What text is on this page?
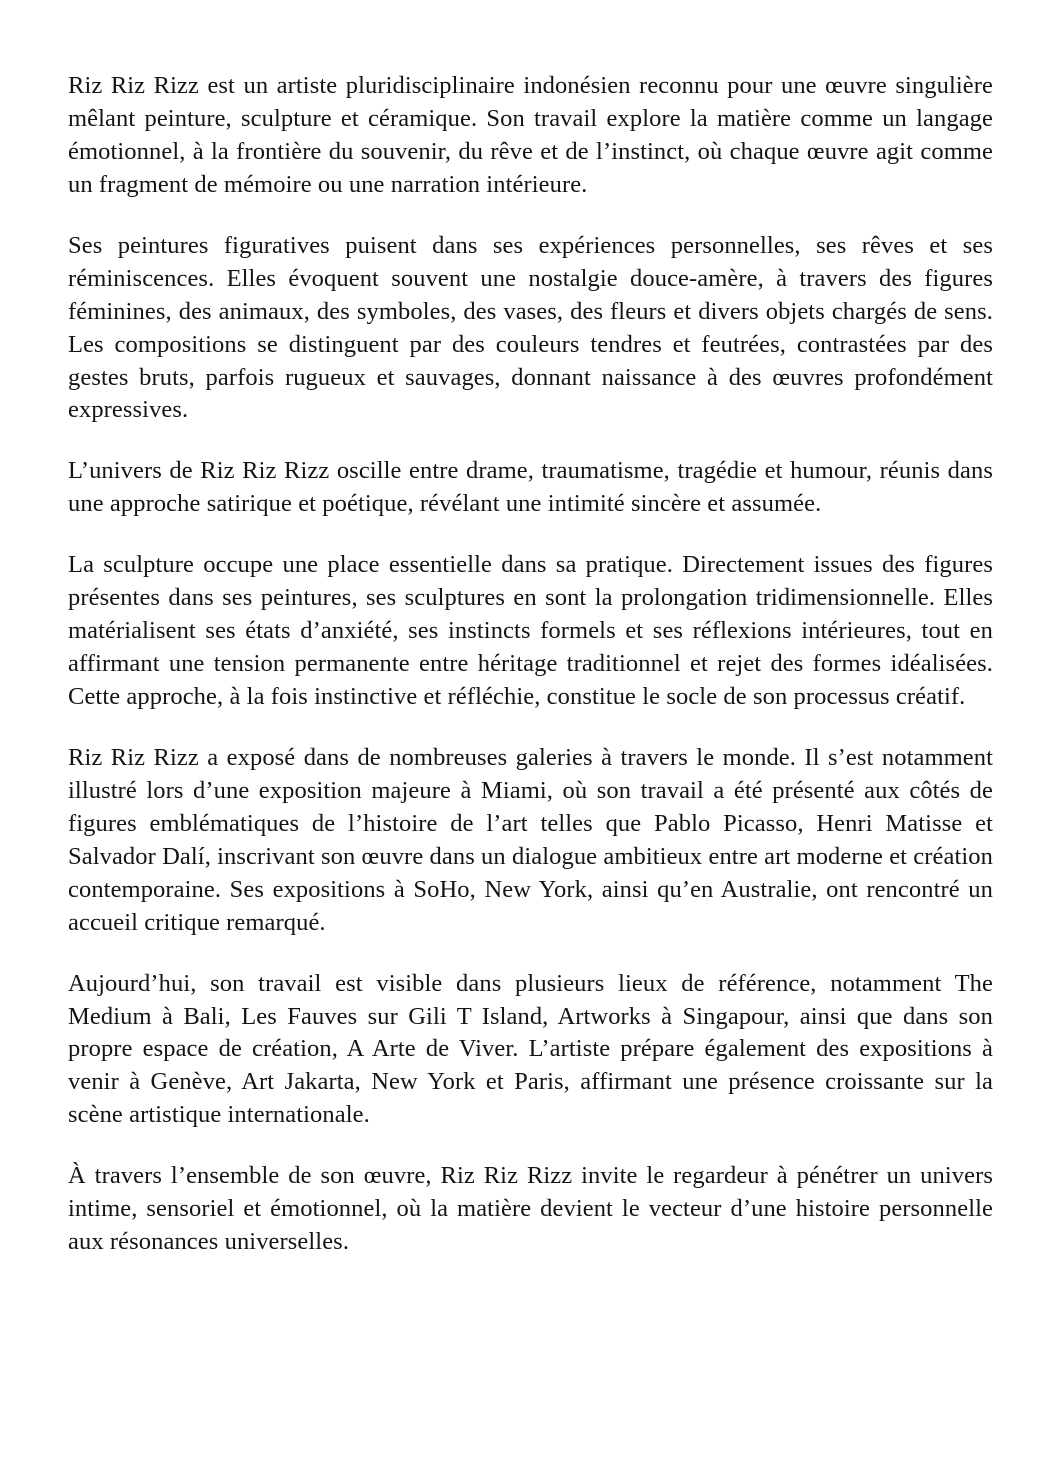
Riz Riz Rizz est un artiste pluridisciplinaire indonésien reconnu pour une œuvre singulière mêlant peinture, sculpture et céramique. Son travail explore la matière comme un langage émotionnel, à la frontière du souvenir, du rêve et de l’instinct, où chaque œuvre agit comme un fragment de mémoire ou une narration intérieure.

Ses peintures figuratives puisent dans ses expériences personnelles, ses rêves et ses réminiscences. Elles évoquent souvent une nostalgie douce-amère, à travers des figures féminines, des animaux, des symboles, des vases, des fleurs et divers objets chargés de sens. Les compositions se distinguent par des couleurs tendres et feutrées, contrastées par des gestes bruts, parfois rugueux et sauvages, donnant naissance à des œuvres profondément expressives.

L’univers de Riz Riz Rizz oscille entre drame, traumatisme, tragédie et humour, réunis dans une approche satirique et poétique, révélant une intimité sincère et assumée.

La sculpture occupe une place essentielle dans sa pratique. Directement issues des figures présentes dans ses peintures, ses sculptures en sont la prolongation tridimensionnelle. Elles matérialisent ses états d’anxiété, ses instincts formels et ses réflexions intérieures, tout en affirmant une tension permanente entre héritage traditionnel et rejet des formes idéalisées. Cette approche, à la fois instinctive et réfléchie, constitue le socle de son processus créatif.

Riz Riz Rizz a exposé dans de nombreuses galeries à travers le monde. Il s’est notamment illustré lors d’une exposition majeure à Miami, où son travail a été présenté aux côtés de figures emblématiques de l’histoire de l’art telles que Pablo Picasso, Henri Matisse et Salvador Dalí, inscrivant son œuvre dans un dialogue ambitieux entre art moderne et création contemporaine. Ses expositions à SoHo, New York, ainsi qu’en Australie, ont rencontré un accueil critique remarqué.

Aujourd’hui, son travail est visible dans plusieurs lieux de référence, notamment The Medium à Bali, Les Fauves sur Gili T Island, Artworks à Singapour, ainsi que dans son propre espace de création, A Arte de Viver. L’artiste prépare également des expositions à venir à Genève, Art Jakarta, New York et Paris, affirmant une présence croissante sur la scène artistique internationale.

À travers l’ensemble de son œuvre, Riz Riz Rizz invite le regardeur à pénétrer un univers intime, sensoriel et émotionnel, où la matière devient le vecteur d’une histoire personnelle aux résonances universelles.
